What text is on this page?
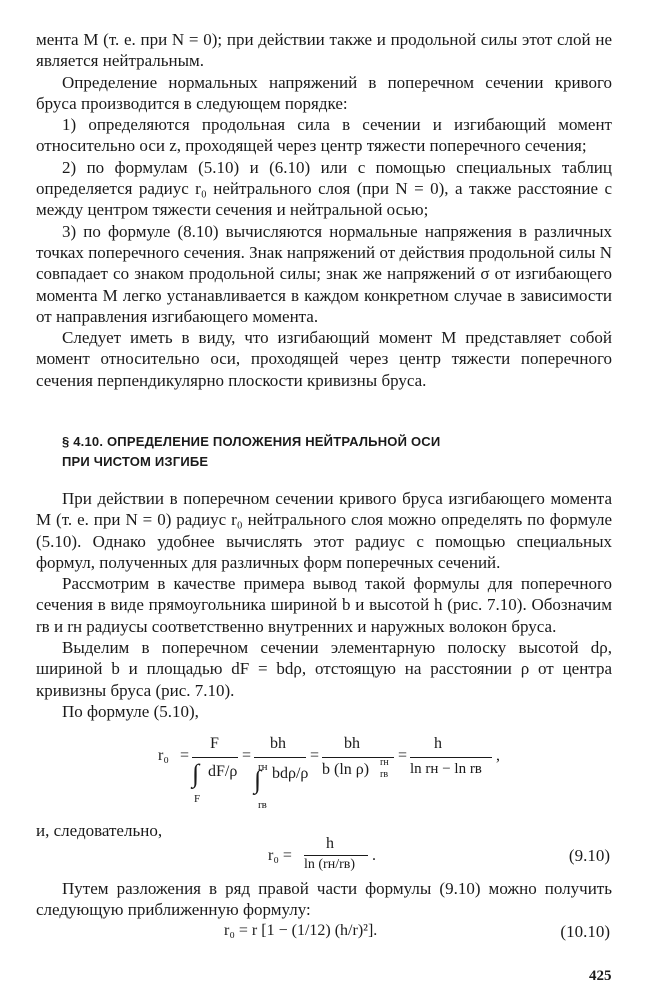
мента M (т. е. при N = 0); при действии также и продольной силы этот слой не является нейтральным.

Определение нормальных напряжений в поперечном сечении кривого бруса производится в следующем порядке:

1) определяются продольная сила в сечении и изгибающий момент относительно оси z, проходящей через центр тяжести поперечного сечения;

2) по формулам (5.10) и (6.10) или с помощью специальных таблиц определяется радиус r₀ нейтрального слоя (при N = 0), а также расстояние c между центром тяжести сечения и нейтральной осью;

3) по формуле (8.10) вычисляются нормальные напряжения в различных точках поперечного сечения. Знак напряжений от действия продольной силы N совпадает со знаком продольной силы; знак же напряжений σ от изгибающего момента M легко устанавливается в каждом конкретном случае в зависимости от направления изгибающего момента.

Следует иметь в виду, что изгибающий момент M представляет собой момент относительно оси, проходящей через центр тяжести поперечного сечения перпендикулярно плоскости кривизны бруса.

§ 4.10. ОПРЕДЕЛЕНИЕ ПОЛОЖЕНИЯ НЕЙТРАЛЬНОЙ ОСИ
ПРИ ЧИСТОМ ИЗГИБЕ

При действии в поперечном сечении кривого бруса изгибающего момента M (т. е. при N = 0) радиус r₀ нейтрального слоя можно определять по формуле (5.10). Однако удобнее вычислять этот радиус с помощью специальных формул, полученных для различных форм поперечных сечений.

Рассмотрим в качестве примера вывод такой формулы для поперечного сечения в виде прямоугольника шириной b и высотой h (рис. 7.10). Обозначим rв и rн радиусы соответственно внутренних и наружных волокон бруса.

Выделим в поперечном сечении элементарную полоску высотой dρ, шириной b и площадью dF = bdρ, отстоящую на расстоянии ρ от центра кривизны бруса (рис. 7.10).

По формуле (5.10),

r₀ =
F
∫
F
dF/ρ
=
bh
rн
∫
rв
bdρ/ρ
=
bh
b (ln ρ) rн
rв
=
h
ln rн − ln rв
,

и, следовательно,

r₀ =
h
ln (rн/rв)
.	(9.10)

Путем разложения в ряд правой части формулы (9.10) можно получить следующую приближенную формулу:

r₀ = r [1 − (1/12) (h/r)²].	(10.10)
425
